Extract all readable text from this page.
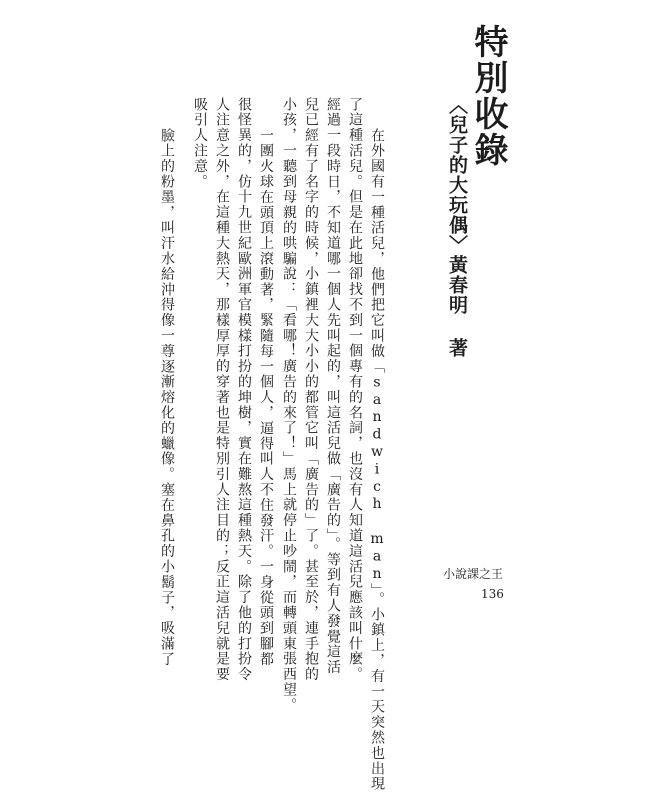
特別收錄
〈兒子的大玩偶〉黃春明 著
在外國有一種活兒，他們把它叫做「sandwich man」。小鎮上，有一天突然也出現
了這種活兒。但是在此地卻找不到一個專有的名詞，也沒有人知道這活兒應該叫什麼。
經過一段時日，不知道哪一個人先叫起的，叫這活兒做「廣告的」。等到有人發覺這活
兒已經有了名字的時候，小鎮裡大大小小的都管它叫「廣告的」了。甚至於，連手抱的
小孩，一聽到母親的哄騙說：「看哪！廣告的來了！」馬上就停止吵鬧，而轉頭東張西望。
一團火球在頭頂上滾動著，緊隨每一個人，逼得叫人不住發汗。一身從頭到腳都
很怪異的，仿十九世紀歐洲軍官模樣打扮的坤樹，實在難熬這種熱天。除了他的打扮令
人注意之外，在這種大熱天，那樣厚厚的穿著也是特別引人注目的；反正這活兒就是要
吸引人注意。
臉上的粉墨，叫汗水給沖得像一尊逐漸熔化的蠟像。塞在鼻孔的小鬍子，吸滿了	小說課之王
136
